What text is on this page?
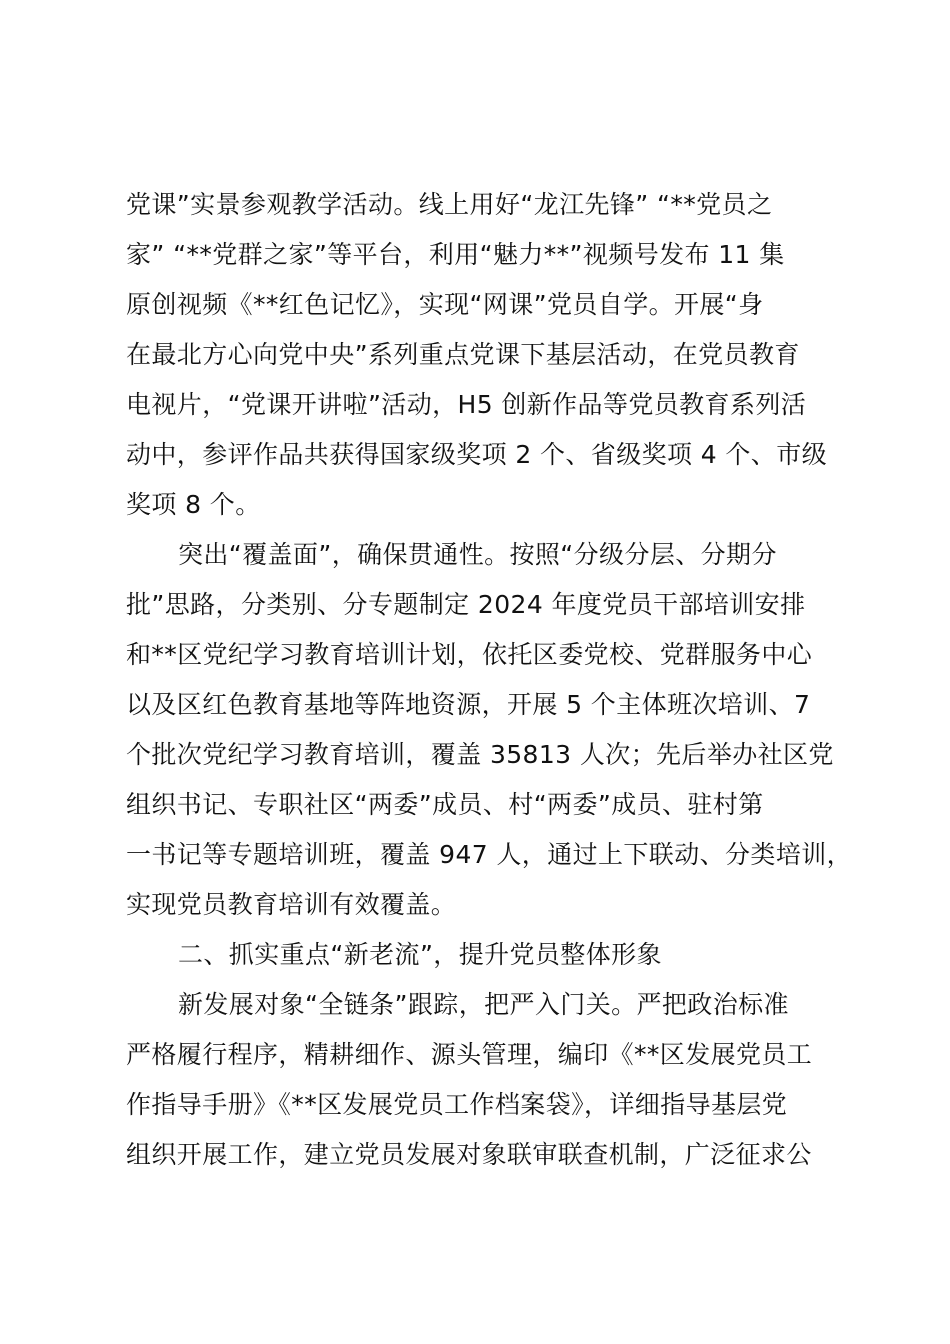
党课”实景参观教学活动。线上用好“龙江先锋” “**党员之
家” “**党群之家”等平台，利用“魅力**”视频号发布 11 集
原创视频《**红色记忆》，实现“网课”党员自学。开展“身
在最北方心向党中央”系列重点党课下基层活动，在党员教育
电视片，“党课开讲啦”活动，H5 创新作品等党员教育系列活
动中，参评作品共获得国家级奖项 2 个、省级奖项 4 个、市级
奖项 8 个。
突出“覆盖面”，确保贯通性。按照“分级分层、分期分
批”思路，分类别、分专题制定 2024 年度党员干部培训安排
和**区党纪学习教育培训计划，依托区委党校、党群服务中心
以及区红色教育基地等阵地资源，开展 5 个主体班次培训、7
个批次党纪学习教育培训，覆盖 35813 人次；先后举办社区党
组织书记、专职社区“两委”成员、村“两委”成员、驻村第
一书记等专题培训班，覆盖 947 人，通过上下联动、分类培训，
实现党员教育培训有效覆盖。
二、抓实重点“新老流”，提升党员整体形象
新发展对象“全链条”跟踪，把严入门关。严把政治标准
严格履行程序，精耕细作、源头管理，编印《**区发展党员工
作指导手册》《**区发展党员工作档案袋》，详细指导基层党
组织开展工作，建立党员发展对象联审联查机制，广泛征求公
